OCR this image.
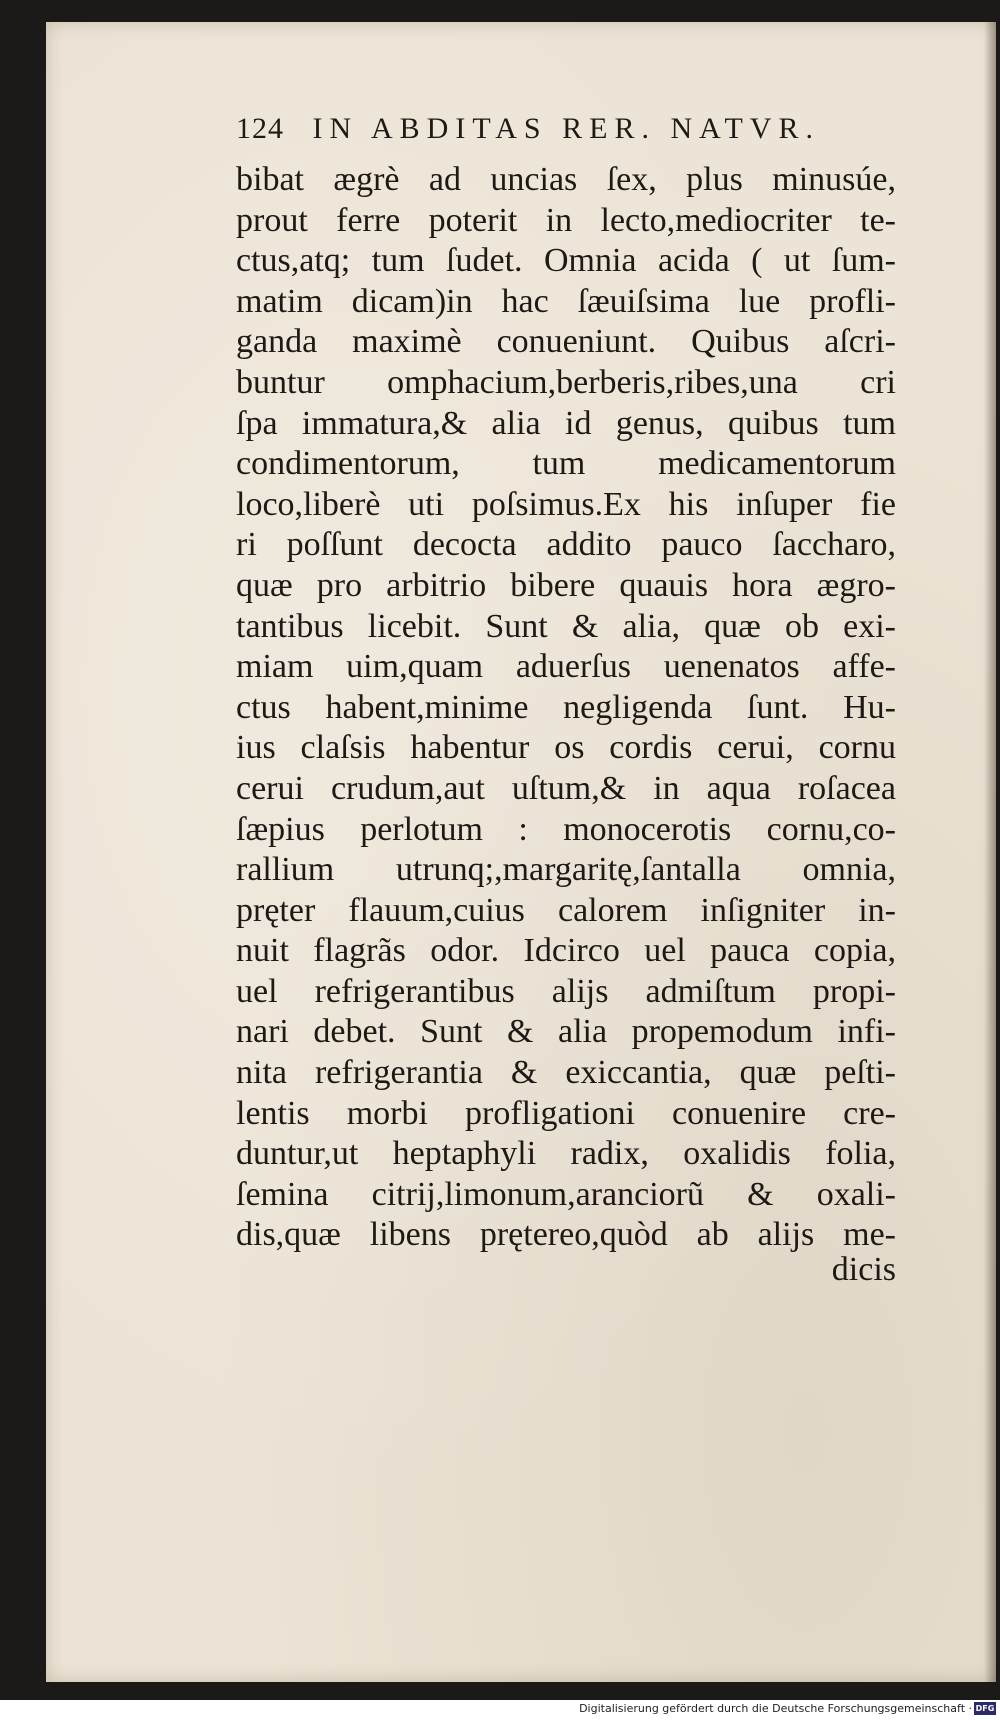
124 IN ABDITAS RER. NATVR.
bibat ægrè ad uncias ſex, plus minusúe,
prout ferre poterit in lecto,mediocriter te-
ctus,atq; tum ſudet. Omnia acida ( ut ſum-
matim dicam)in hac ſæuiſsima lue profli-
ganda maximè conueniunt. Quibus aſcri-
buntur omphacium,berberis,ribes,una cri
ſpa immatura,& alia id genus, quibus tum
condimentorum, tum medicamentorum
loco,liberè uti poſsimus.Ex his inſuper fie
ri poſſunt decocta addito pauco ſaccharo,
quæ pro arbitrio bibere quauis hora ægro-
tantibus licebit. Sunt & alia, quæ ob exi-
miam uim,quam aduerſus uenenatos affe-
ctus habent,minime negligenda ſunt. Hu-
ius claſsis habentur os cordis cerui, cornu
cerui crudum,aut uſtum,& in aqua roſacea
ſæpius perlotum : monocerotis cornu,co-
rallium utrunq;,margaritę,ſantalla omnia,
pręter flauum,cuius calorem inſigniter in-
nuit flagrãs odor. Idcirco uel pauca copia,
uel refrigerantibus alijs admiſtum propi-
nari debet. Sunt & alia propemodum infi-
nita refrigerantia & exiccantia, quæ peſti-
lentis morbi profligationi conuenire cre-
duntur,ut heptaphyli radix, oxalidis folia,
ſemina citrij,limonum,aranciorũ & oxali-
dis,quæ libens prętereo,quòd ab alijs me-
dicis
Digitalisierung gefördert durch die Deutsche Forschungsgemeinschaft · DFG
